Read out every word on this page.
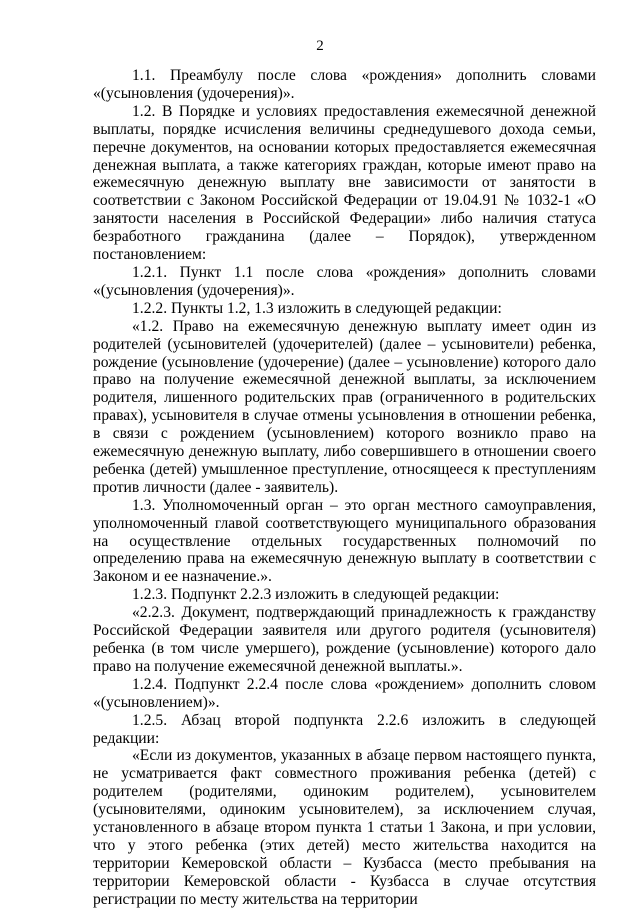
2

1.1. Преамбулу после слова «рождения» дополнить словами «(усыновления (удочерения)».

1.2. В Порядке и условиях предоставления ежемесячной денежной выплаты, порядке исчисления величины среднедушевого дохода семьи, перечне документов, на основании которых предоставляется ежемесячная денежная выплата, а также категориях граждан, которые имеют право на ежемесячную денежную выплату вне зависимости от занятости в соответствии с Законом Российской Федерации от 19.04.91 № 1032-1 «О занятости населения в Российской Федерации» либо наличия статуса безработного гражданина (далее – Порядок), утвержденном постановлением:

1.2.1. Пункт 1.1 после слова «рождения» дополнить словами «(усыновления (удочерения)».

1.2.2. Пункты 1.2, 1.3 изложить в следующей редакции:

«1.2. Право на ежемесячную денежную выплату имеет один из родителей (усыновителей (удочерителей) (далее – усыновители) ребенка, рождение (усыновление (удочерение) (далее – усыновление) которого дало право на получение ежемесячной денежной выплаты, за исключением родителя, лишенного родительских прав (ограниченного в родительских правах), усыновителя в случае отмены усыновления в отношении ребенка, в связи с рождением (усыновлением) которого возникло право на ежемесячную денежную выплату, либо совершившего в отношении своего ребенка (детей) умышленное преступление, относящееся к преступлениям против личности (далее - заявитель).

1.3. Уполномоченный орган – это орган местного самоуправления, уполномоченный главой соответствующего муниципального образования на осуществление отдельных государственных полномочий по определению права на ежемесячную денежную выплату в соответствии с Законом и ее назначение.».

1.2.3. Подпункт 2.2.3 изложить в следующей редакции:

«2.2.3. Документ, подтверждающий принадлежность к гражданству Российской Федерации заявителя или другого родителя (усыновителя) ребенка (в том числе умершего), рождение (усыновление) которого дало право на получение ежемесячной денежной выплаты.».

1.2.4. Подпункт 2.2.4 после слова «рождением» дополнить словом «(усыновлением)».

1.2.5. Абзац второй подпункта 2.2.6 изложить в следующей редакции:

«Если из документов, указанных в абзаце первом настоящего пункта, не усматривается факт совместного проживания ребенка (детей) с родителем (родителями, одиноким родителем), усыновителем (усыновителями, одиноким усыновителем), за исключением случая, установленного в абзаце втором пункта 1 статьи 1 Закона, и при условии, что у этого ребенка (этих детей) место жительства находится на территории Кемеровской области – Кузбасса (место пребывания на территории Кемеровской области - Кузбасса в случае отсутствия регистрации по месту жительства на территории
